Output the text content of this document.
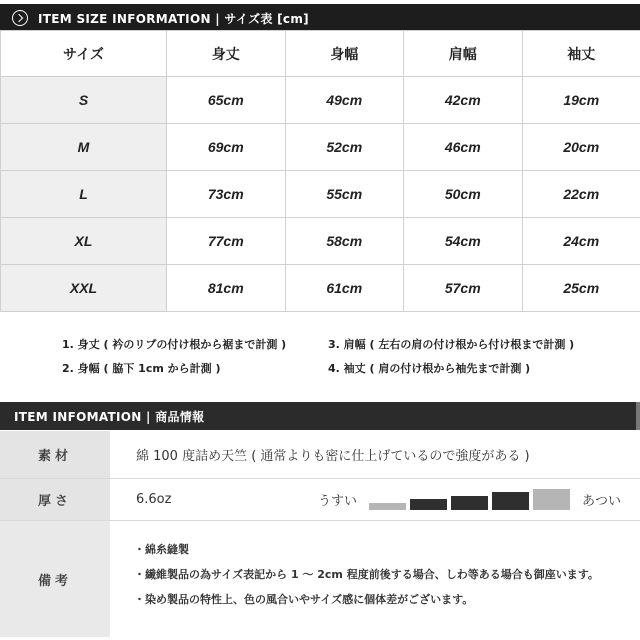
ITEM SIZE INFORMATION | サイズ表 [cm]
サイズ	身丈	身幅	肩幅	袖丈
S	65cm	49cm	42cm	19cm
M	69cm	52cm	46cm	20cm
L	73cm	55cm	50cm	22cm
XL	77cm	58cm	54cm	24cm
XXL	81cm	61cm	57cm	25cm
1. 身丈 ( 衿のリブの付け根から裾まで計測 )	3. 肩幅 ( 左右の肩の付け根から付け根まで計測 )
2. 身幅 ( 脇下 1cm から計測 )	4. 袖丈 ( 肩の付け根から袖先まで計測 )
ITEM INFOMATION | 商品情報
素材	綿 100 度詰め天竺 ( 通常よりも密に仕上げているので強度がある )
厚さ	6.6oz	うすい	あつい
備考
・綿糸縫製
・繊維製品の為サイズ表記から 1 ～ 2cm 程度前後する場合、しわ等ある場合も御座います。
・染め製品の特性上、色の風合いやサイズ感に個体差がございます。
